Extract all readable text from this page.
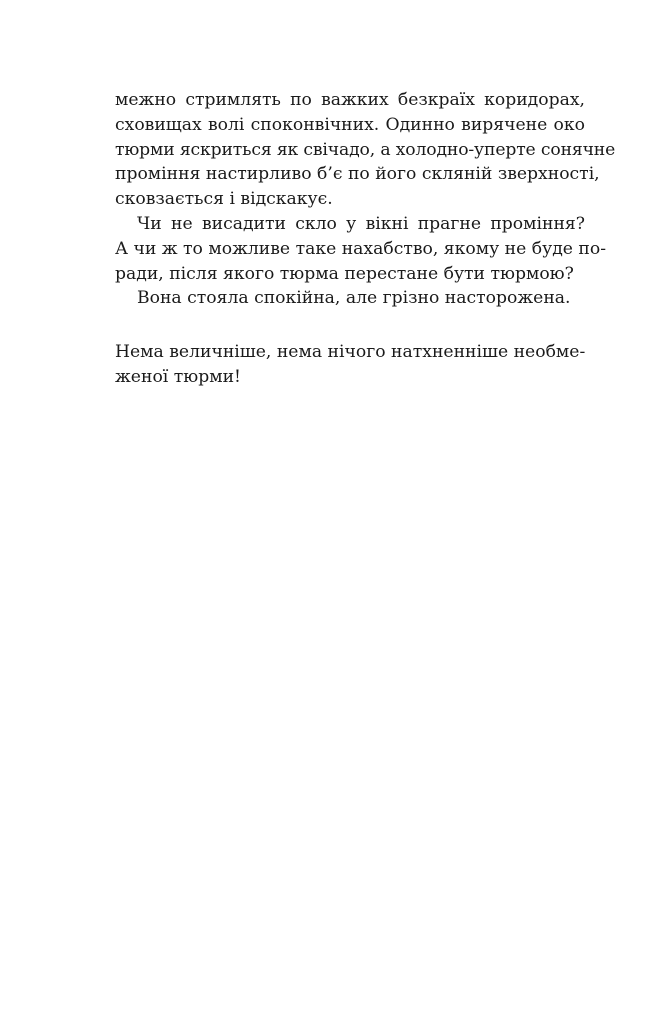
межно стримлять по важких безкраїх коридорах,
сховищах волі споконвічних. Одинно вирячене око
тюрми яскриться як свічадо, а холодно-уперте сонячне
проміння настирливо б’є по його скляній зверхності,
сковзається і відскакує.
Чи не висадити скло у вікні прагне проміння?
А чи ж то можливе таке нахабство, якому не буде по-
ради, після якого тюрма перестане бути тюрмою?
Вона стояла спокійна, але грізно насторожена.
Нема величніше, нема нічого натхненніше необме-
женої тюрми!
